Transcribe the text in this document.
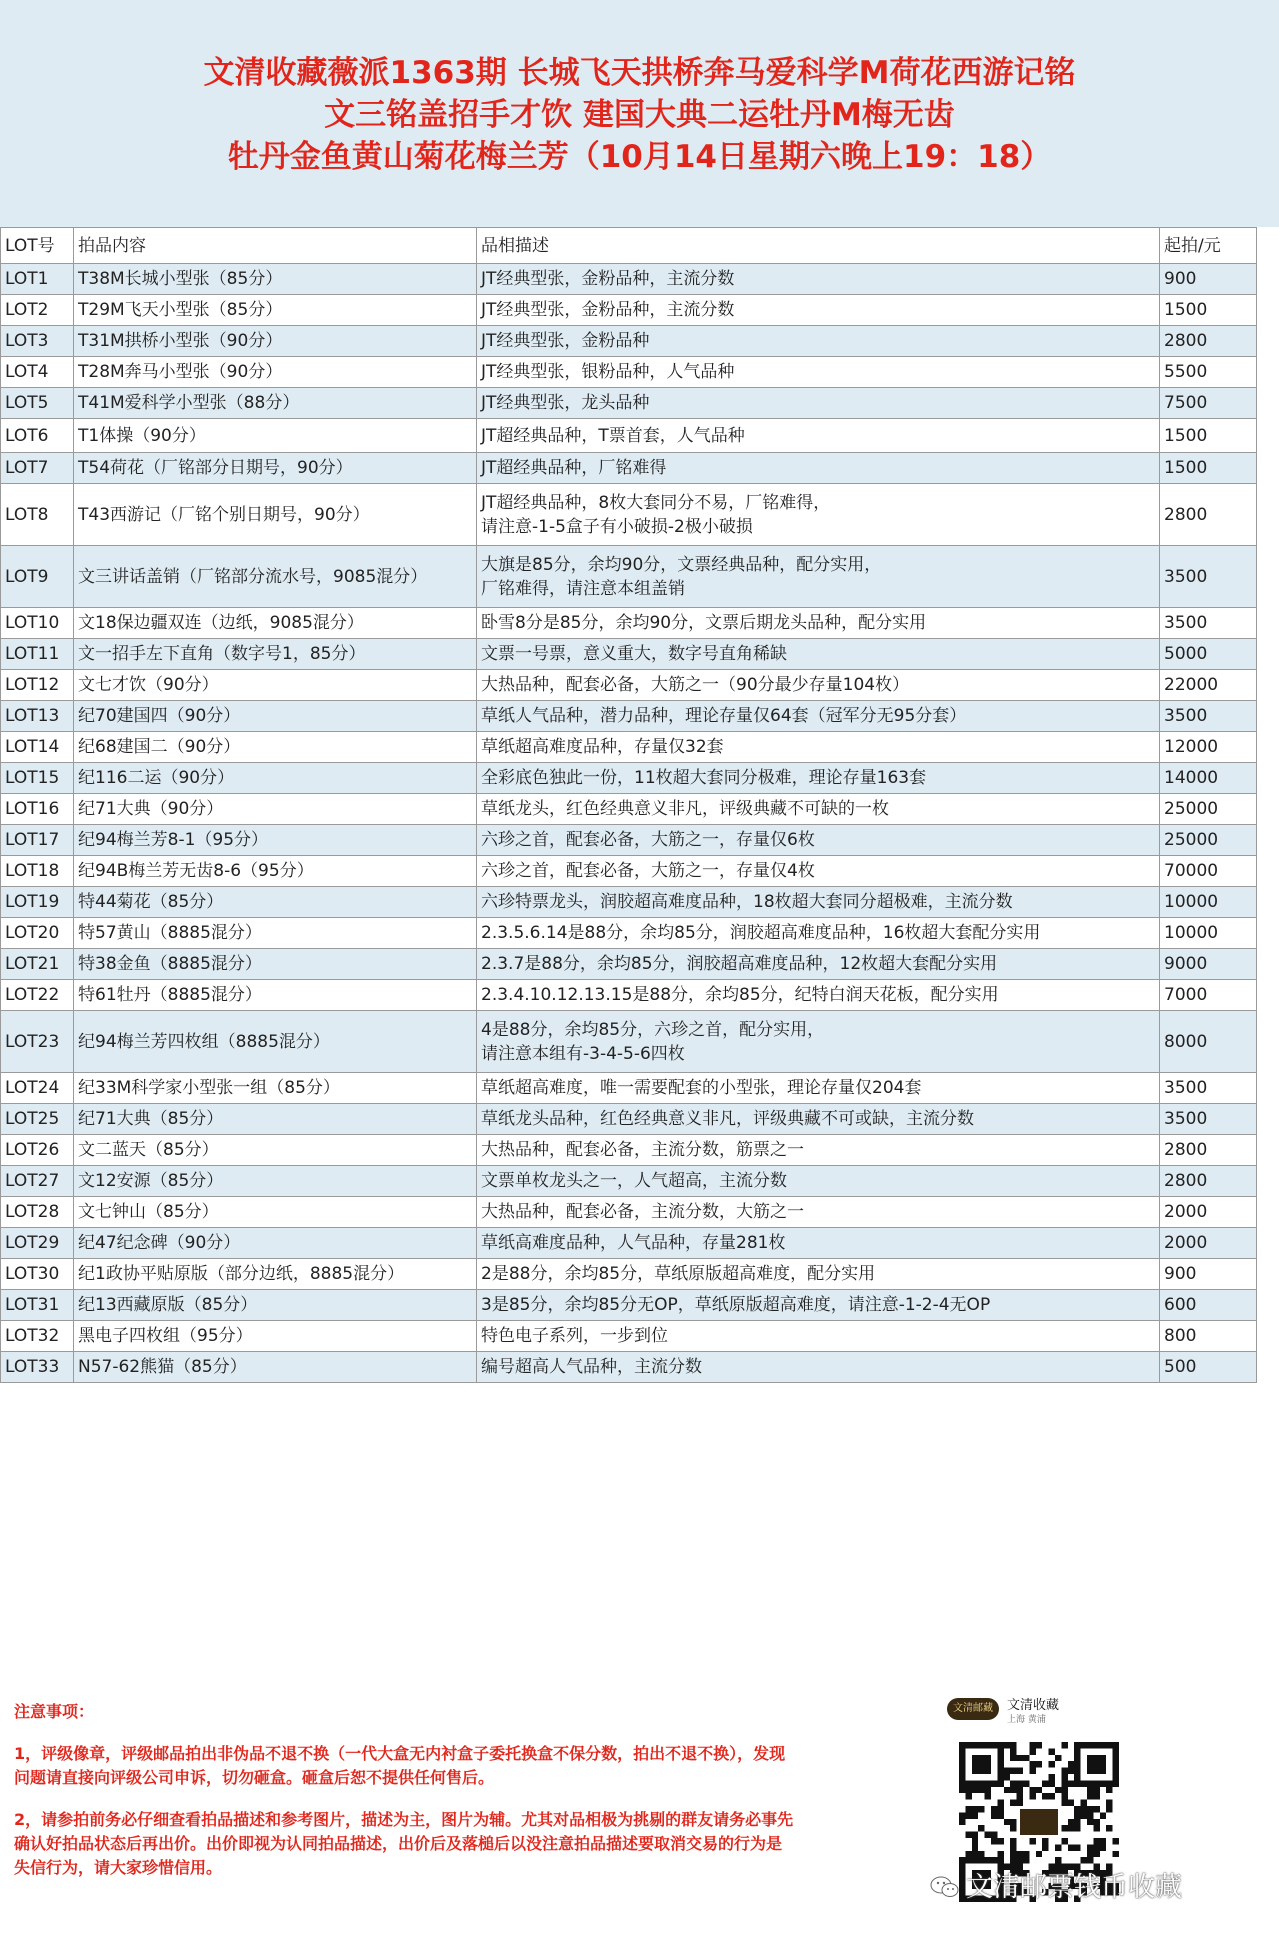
文清收藏薇派1363期 长城飞天拱桥奔马爱科学M荷花西游记铭
文三铭盖招手才饮 建国大典二运牡丹M梅无齿
牡丹金鱼黄山菊花梅兰芳（10月14日星期六晚上19：18）
LOT号	拍品内容	品相描述	起拍/元
LOT1	T38M长城小型张（85分）	JT经典型张，金粉品种，主流分数	900
LOT2	T29M飞天小型张（85分）	JT经典型张，金粉品种，主流分数	1500
LOT3	T31M拱桥小型张（90分）	JT经典型张，金粉品种	2800
LOT4	T28M奔马小型张（90分）	JT经典型张，银粉品种，人气品种	5500
LOT5	T41M爱科学小型张（88分）	JT经典型张，龙头品种	7500
LOT6	T1体操（90分）	JT超经典品种，T票首套，人气品种	1500
LOT7	T54荷花（厂铭部分日期号，90分）	JT超经典品种，厂铭难得	1500
LOT8	T43西游记（厂铭个别日期号，90分）	JT超经典品种，8枚大套同分不易，厂铭难得，
请注意-1-5盒子有小破损-2极小破损	2800
LOT9	文三讲话盖销（厂铭部分流水号，9085混分）	大旗是85分，余均90分，文票经典品种，配分实用，
厂铭难得，请注意本组盖销	3500
LOT10	文18保边疆双连（边纸，9085混分）	卧雪8分是85分，余均90分，文票后期龙头品种，配分实用	3500
LOT11	文一招手左下直角（数字号1，85分）	文票一号票，意义重大，数字号直角稀缺	5000
LOT12	文七才饮（90分）	大热品种，配套必备，大筋之一（90分最少存量104枚）	22000
LOT13	纪70建国四（90分）	草纸人气品种，潜力品种，理论存量仅64套（冠军分无95分套）	3500
LOT14	纪68建国二（90分）	草纸超高难度品种，存量仅32套	12000
LOT15	纪116二运（90分）	全彩底色独此一份，11枚超大套同分极难，理论存量163套	14000
LOT16	纪71大典（90分）	草纸龙头，红色经典意义非凡，评级典藏不可缺的一枚	25000
LOT17	纪94梅兰芳8-1（95分）	六珍之首，配套必备，大筋之一，存量仅6枚	25000
LOT18	纪94B梅兰芳无齿8-6（95分）	六珍之首，配套必备，大筋之一，存量仅4枚	70000
LOT19	特44菊花（85分）	六珍特票龙头，润胶超高难度品种，18枚超大套同分超极难，主流分数	10000
LOT20	特57黄山（8885混分）	2.3.5.6.14是88分，余均85分，润胶超高难度品种，16枚超大套配分实用	10000
LOT21	特38金鱼（8885混分）	2.3.7是88分，余均85分，润胶超高难度品种，12枚超大套配分实用	9000
LOT22	特61牡丹（8885混分）	2.3.4.10.12.13.15是88分，余均85分，纪特白润天花板，配分实用	7000
LOT23	纪94梅兰芳四枚组（8885混分）	4是88分，余均85分，六珍之首，配分实用，
请注意本组有-3-4-5-6四枚	8000
LOT24	纪33M科学家小型张一组（85分）	草纸超高难度，唯一需要配套的小型张，理论存量仅204套	3500
LOT25	纪71大典（85分）	草纸龙头品种，红色经典意义非凡，评级典藏不可或缺，主流分数	3500
LOT26	文二蓝天（85分）	大热品种，配套必备，主流分数，筋票之一	2800
LOT27	文12安源（85分）	文票单枚龙头之一，人气超高，主流分数	2800
LOT28	文七钟山（85分）	大热品种，配套必备，主流分数，大筋之一	2000
LOT29	纪47纪念碑（90分）	草纸高难度品种，人气品种，存量281枚	2000
LOT30	纪1政协平贴原版（部分边纸，8885混分）	2是88分，余均85分，草纸原版超高难度，配分实用	900
LOT31	纪13西藏原版（85分）	3是85分，余均85分无OP，草纸原版超高难度，请注意-1-2-4无OP	600
LOT32	黑电子四枚组（95分）	特色电子系列，一步到位	800
LOT33	N57-62熊猫（85分）	编号超高人气品种，主流分数	500
注意事项：

1，评级像章，评级邮品拍出非伪品不退不换（一代大盒无内衬盒子委托换盒不保分数，拍出不退不换），发现问题请直接向评级公司申诉，切勿砸盒。砸盒后恕不提供任何售后。

2，请参拍前务必仔细查看拍品描述和参考图片，描述为主，图片为辅。尤其对品相极为挑剔的群友请务必事先确认好拍品状态后再出价。出价即视为认同拍品描述，出价后及落槌后以没注意拍品描述要取消交易的行为是失信行为，请大家珍惜信用。

文清邮藏	文清收藏
上海 黄浦
文清邮票钱币收藏
